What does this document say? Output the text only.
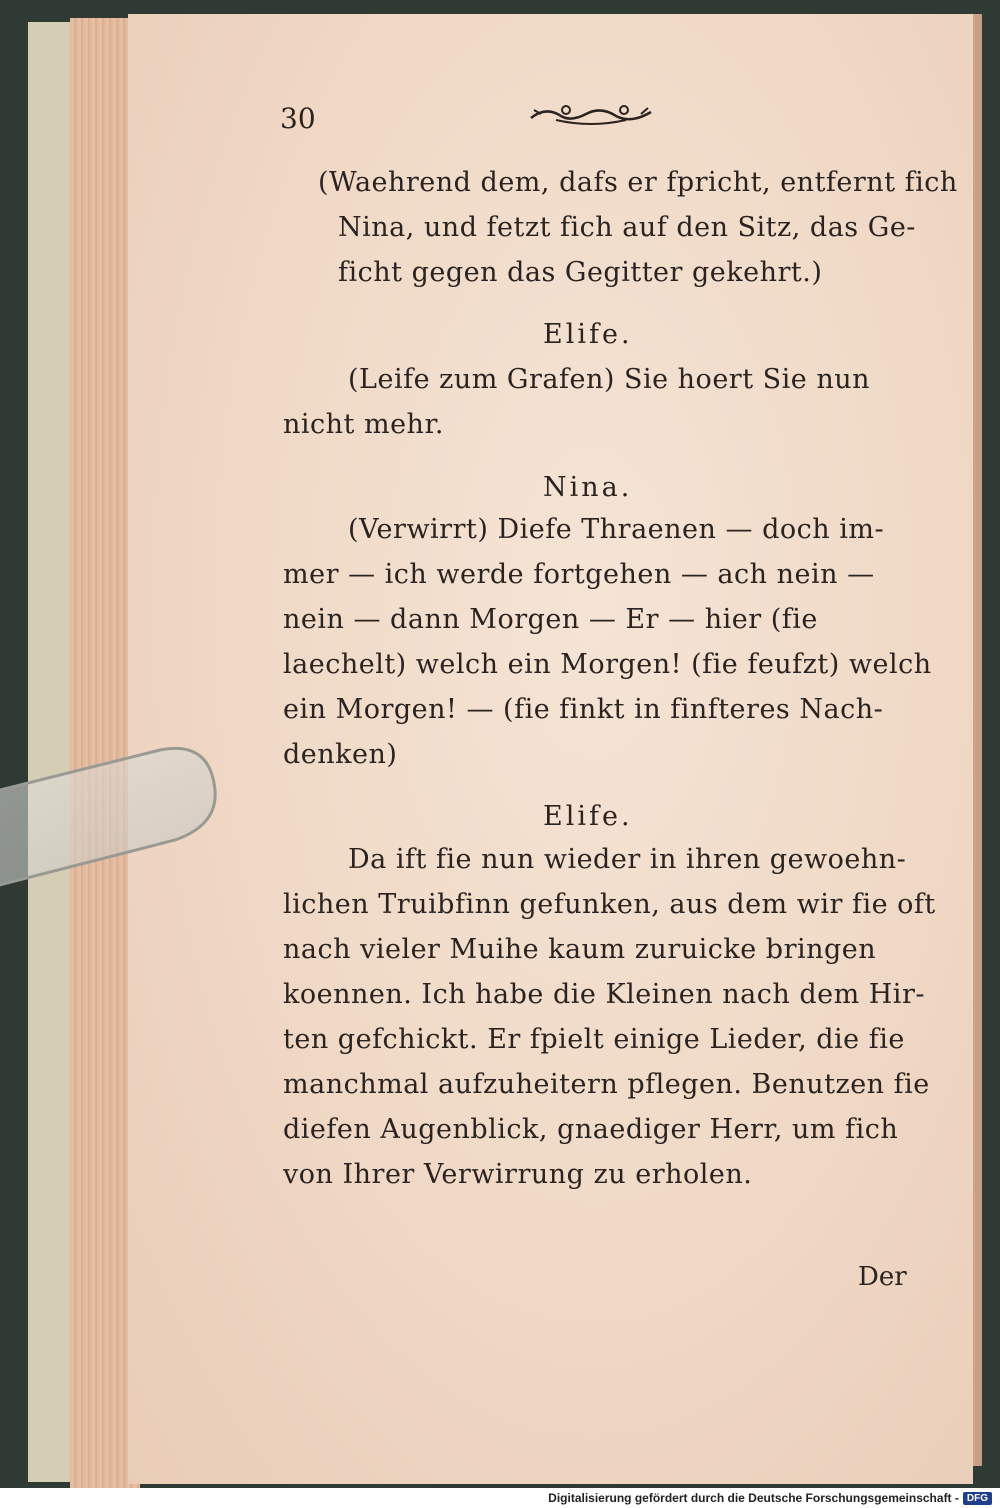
30
(Waehrend dem, dafs er fpricht, entfernt fich
Nina, und fetzt fich auf den Sitz, das Ge-
ficht gegen das Gegitter gekehrt.)
Elife.
(Leife zum Grafen) Sie hoert Sie nun
nicht mehr.
Nina.
(Verwirrt) Diefe Thraenen — doch im-
mer — ich werde fortgehen — ach nein —
nein — dann Morgen — Er — hier (fie
laechelt) welch ein Morgen! (fie feufzt) welch
ein Morgen! — (fie finkt in finfteres Nach-
denken)
Elife.
Da ift fie nun wieder in ihren gewoehn-
lichen Truibfinn gefunken, aus dem wir fie oft
nach vieler Muihe kaum zuruicke bringen
koennen. Ich habe die Kleinen nach dem Hir-
ten gefchickt. Er fpielt einige Lieder, die fie
manchmal aufzuheitern pflegen. Benutzen fie
diefen Augenblick, gnaediger Herr, um fich
von Ihrer Verwirrung zu erholen.
Der
Digitalisierung gefördert durch die Deutsche Forschungsgemeinschaft - DFG
